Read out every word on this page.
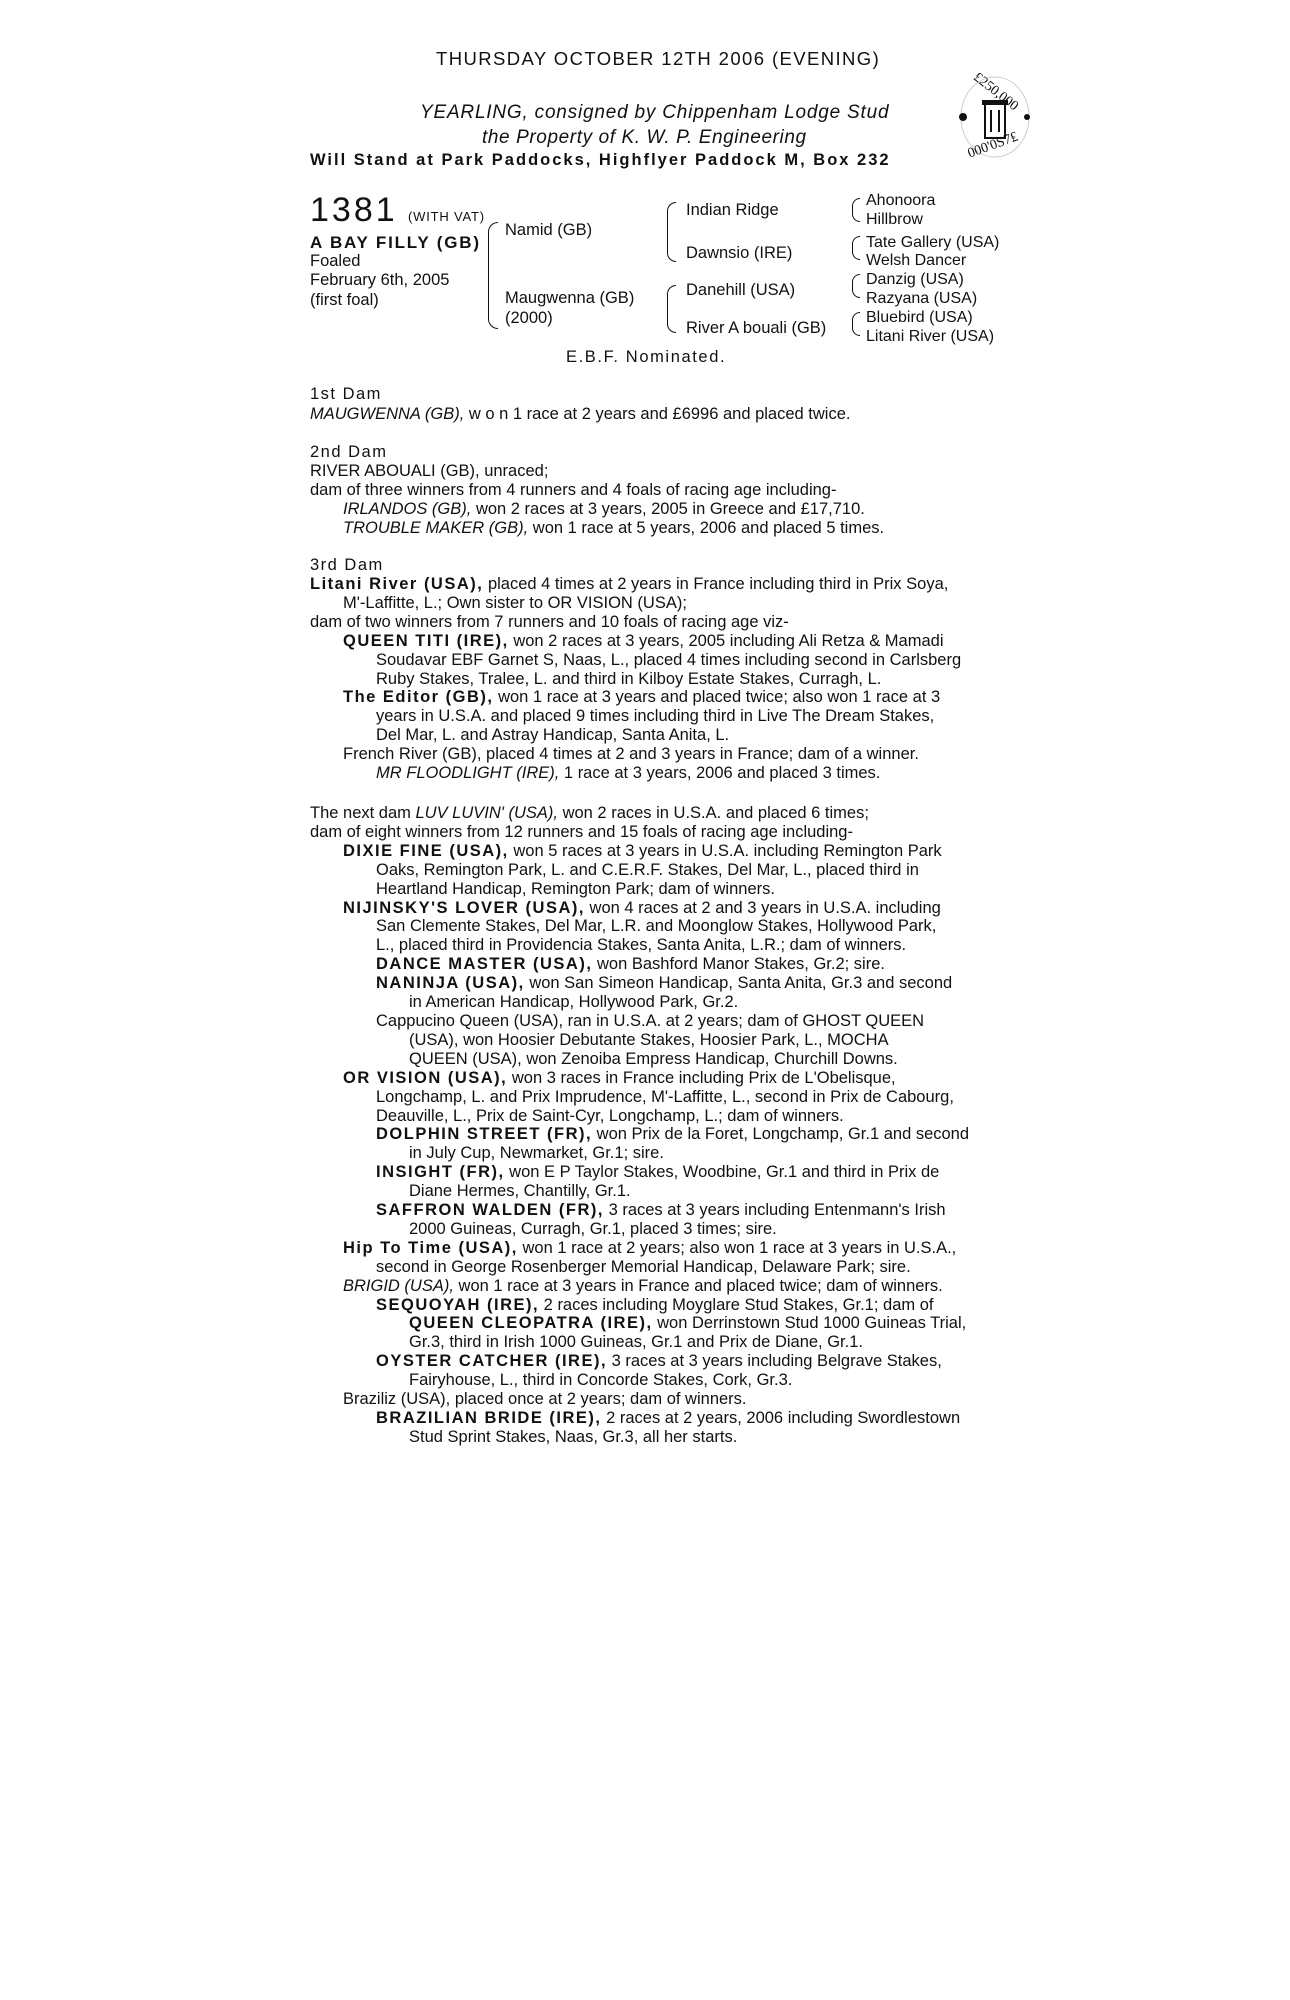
THURSDAY OCTOBER 12TH 2006 (EVENING)
YEARLING, consigned by Chippenham Lodge Stud
the Property of K. W. P. Engineering
Will Stand at Park Paddocks, Highflyer Paddock M, Box 232
£250,000
000'0S7₤
1381 (WITH VAT)
A BAY FILLY (GB)
Foaled
February 6th, 2005
(first foal)
Namid (GB)
Maugwenna (GB)
(2000)
Indian Ridge
Dawnsio (IRE)
Danehill (USA)
River A bouali (GB)
Ahonoora
Hillbrow
Tate Gallery (USA)
Welsh Dancer
Danzig (USA)
Razyana (USA)
Bluebird (USA)
Litani River (USA)
E.B.F. Nominated.
1st Dam
MAUGWENNA (GB), w o n 1 race at 2 years and £6996 and placed twice.
2nd Dam
RIVER ABOUALI (GB), unraced;
dam of three winners from 4 runners and 4 foals of racing age including-
IRLANDOS (GB), won 2 races at 3 years, 2005 in Greece and £17,710.
TROUBLE MAKER (GB), won 1 race at 5 years, 2006 and placed 5 times.
3rd Dam
Litani River (USA), placed 4 times at 2 years in France including third in Prix Soya,
M'-Laffitte, L.; Own sister to OR VISION (USA);
dam of two winners from 7 runners and 10 foals of racing age viz-
QUEEN TITI (IRE), won 2 races at 3 years, 2005 including Ali Retza & Mamadi
Soudavar EBF Garnet S, Naas, L., placed 4 times including second in Carlsberg
Ruby Stakes, Tralee, L. and third in Kilboy Estate Stakes, Curragh, L.
The Editor (GB), won 1 race at 3 years and placed twice; also won 1 race at 3
years in U.S.A. and placed 9 times including third in Live The Dream Stakes,
Del Mar, L. and Astray Handicap, Santa Anita, L.
French River (GB), placed 4 times at 2 and 3 years in France; dam of a winner.
MR FLOODLIGHT (IRE), 1 race at 3 years, 2006 and placed 3 times.
The next dam LUV LUVIN' (USA), won 2 races in U.S.A. and placed 6 times;
dam of eight winners from 12 runners and 15 foals of racing age including-
DIXIE FINE (USA), won 5 races at 3 years in U.S.A. including Remington Park
Oaks, Remington Park, L. and C.E.R.F. Stakes, Del Mar, L., placed third in
Heartland Handicap, Remington Park; dam of winners.
NIJINSKY'S LOVER (USA), won 4 races at 2 and 3 years in U.S.A. including
San Clemente Stakes, Del Mar, L.R. and Moonglow Stakes, Hollywood Park,
L., placed third in Providencia Stakes, Santa Anita, L.R.; dam of winners.
DANCE MASTER (USA), won Bashford Manor Stakes, Gr.2; sire.
NANINJA (USA), won San Simeon Handicap, Santa Anita, Gr.3 and second
in American Handicap, Hollywood Park, Gr.2.
Cappucino Queen (USA), ran in U.S.A. at 2 years; dam of GHOST QUEEN
(USA), won Hoosier Debutante Stakes, Hoosier Park, L., MOCHA
QUEEN (USA), won Zenoiba Empress Handicap, Churchill Downs.
OR VISION (USA), won 3 races in France including Prix de L'Obelisque,
Longchamp, L. and Prix Imprudence, M'-Laffitte, L., second in Prix de Cabourg,
Deauville, L., Prix de Saint-Cyr, Longchamp, L.; dam of winners.
DOLPHIN STREET (FR), won Prix de la Foret, Longchamp, Gr.1 and second
in July Cup, Newmarket, Gr.1; sire.
INSIGHT (FR), won E P Taylor Stakes, Woodbine, Gr.1 and third in Prix de
Diane Hermes, Chantilly, Gr.1.
SAFFRON WALDEN (FR), 3 races at 3 years including Entenmann's Irish
2000 Guineas, Curragh, Gr.1, placed 3 times; sire.
Hip To Time (USA), won 1 race at 2 years; also won 1 race at 3 years in U.S.A.,
second in George Rosenberger Memorial Handicap, Delaware Park; sire.
BRIGID (USA), won 1 race at 3 years in France and placed twice; dam of winners.
SEQUOYAH (IRE), 2 races including Moyglare Stud Stakes, Gr.1; dam of
QUEEN CLEOPATRA (IRE), won Derrinstown Stud 1000 Guineas Trial,
Gr.3, third in Irish 1000 Guineas, Gr.1 and Prix de Diane, Gr.1.
OYSTER CATCHER (IRE), 3 races at 3 years including Belgrave Stakes,
Fairyhouse, L., third in Concorde Stakes, Cork, Gr.3.
Braziliz (USA), placed once at 2 years; dam of winners.
BRAZILIAN BRIDE (IRE), 2 races at 2 years, 2006 including Swordlestown
Stud Sprint Stakes, Naas, Gr.3, all her starts.
